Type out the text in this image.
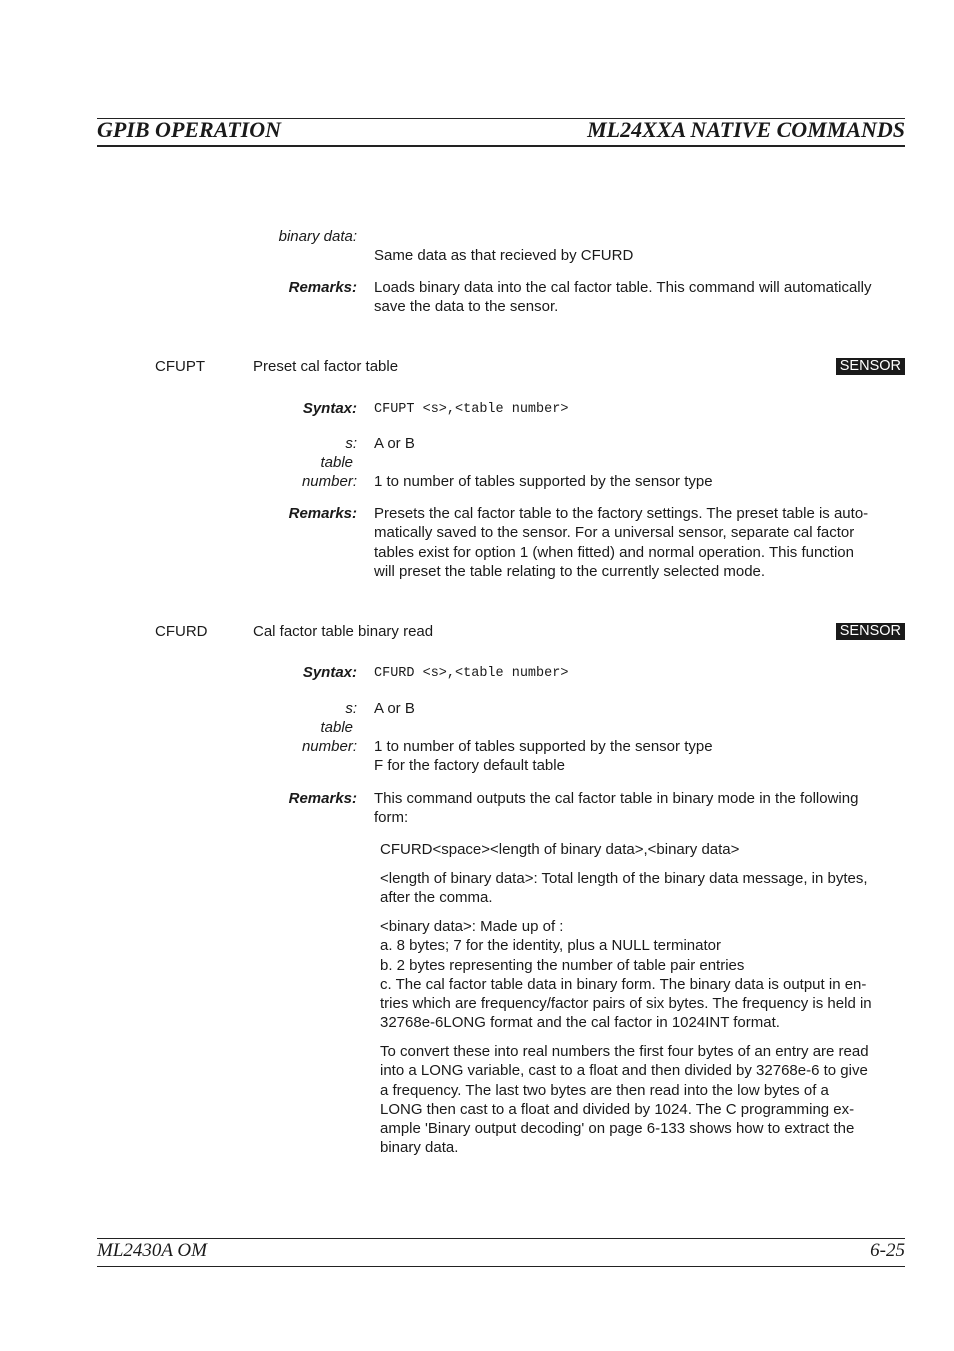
GPIB OPERATION	ML24XXA NATIVE COMMANDS
binary data:
Same data as that recieved by CFURD
Remarks: Loads binary data into the cal factor table. This command will automatically
save the data to the sensor.
CFUPT	Preset cal factor table	SENSOR
Syntax: CFUPT <s>,<table number>
s: A or B
table
number: 1 to number of tables supported by the sensor type
Remarks: Presets the cal factor table to the factory settings. The preset table is auto-
matically saved to the sensor. For a universal sensor, separate cal factor
tables exist for option 1 (when fitted) and normal operation. This function
will preset the table relating to the currently selected mode.
CFURD	Cal factor table binary read	SENSOR
Syntax: CFURD <s>,<table number>
s: A or B
table
number: 1 to number of tables supported by the sensor type
F for the factory default table
Remarks: This command outputs the cal factor table in binary mode in the following
form:
CFURD<space><length of binary data>,<binary data>
<length of binary data>: Total length of the binary data message, in bytes,
after the comma.
<binary data>: Made up of :
a. 8 bytes; 7 for the identity, plus a NULL terminator
b. 2 bytes representing the number of table pair entries
c. The cal factor table data in binary form. The binary data is output in en-
tries which are frequency/factor pairs of six bytes. The frequency is held in
32768e-6LONG format and the cal factor in 1024INT format.
To convert these into real numbers the first four bytes of an entry are read
into a LONG variable, cast to a float and then divided by 32768e-6 to give
a frequency. The last two bytes are then read into the low bytes of a
LONG then cast to a float and divided by 1024. The C programming ex-
ample 'Binary output decoding' on page 6-133 shows how to extract the
binary data.
ML2430A OM	6-25
